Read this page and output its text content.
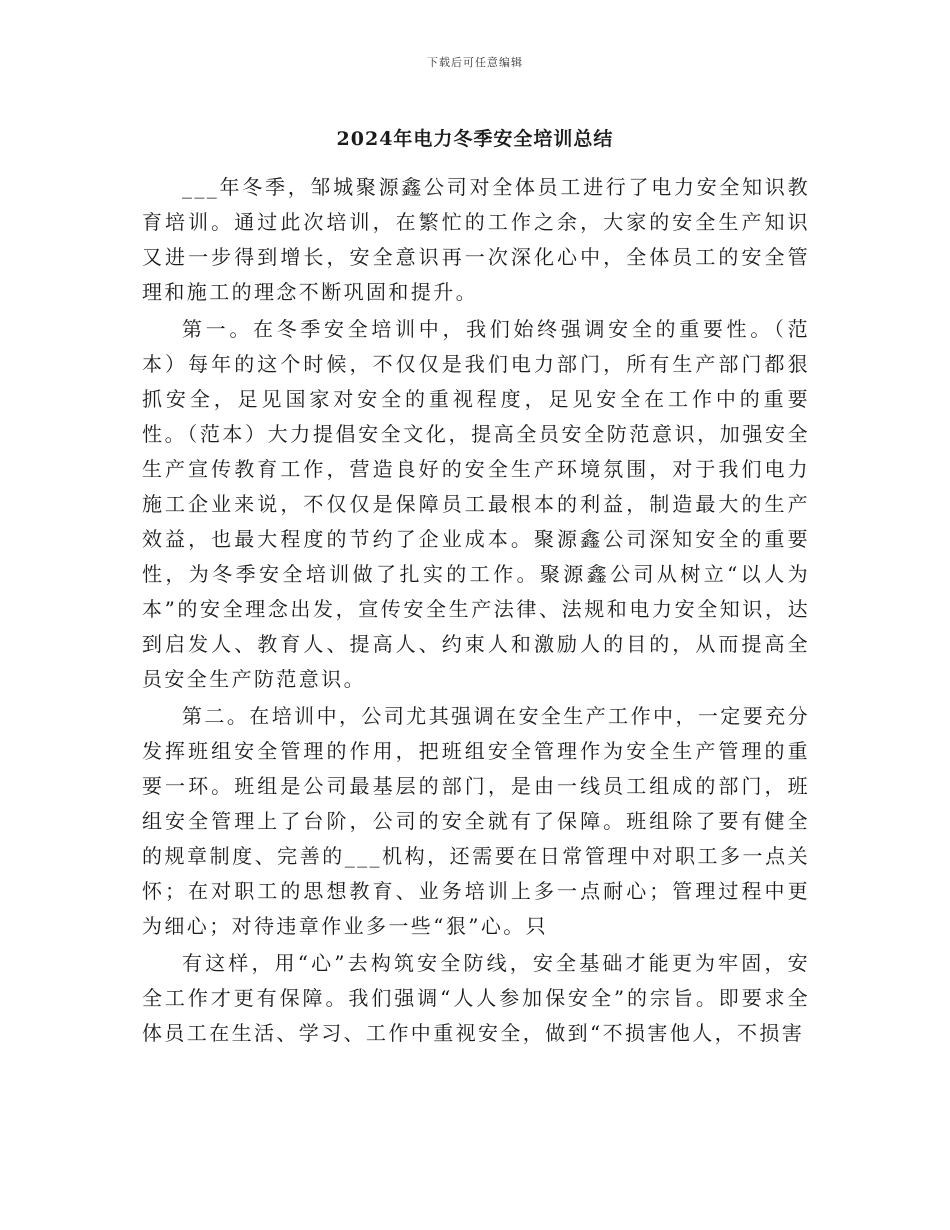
下载后可任意编辑
2024年电力冬季安全培训总结

___年冬季，邹城聚源鑫公司对全体员工进行了电力安全知识教育培训。通过此次培训，在繁忙的工作之余，大家的安全生产知识又进一步得到增长，安全意识再一次深化心中，全体员工的安全管理和施工的理念不断巩固和提升。

第一。在冬季安全培训中，我们始终强调安全的重要性。（范本）每年的这个时候，不仅仅是我们电力部门，所有生产部门都狠抓安全，足见国家对安全的重视程度，足见安全在工作中的重要性。（范本）大力提倡安全文化，提高全员安全防范意识，加强安全生产宣传教育工作，营造良好的安全生产环境氛围，对于我们电力施工企业来说，不仅仅是保障员工最根本的利益，制造最大的生产效益，也最大程度的节约了企业成本。聚源鑫公司深知安全的重要性，为冬季安全培训做了扎实的工作。聚源鑫公司从树立“以人为本”的安全理念出发，宣传安全生产法律、法规和电力安全知识，达到启发人、教育人、提高人、约束人和激励人的目的，从而提高全员安全生产防范意识。

第二。在培训中，公司尤其强调在安全生产工作中，一定要充分发挥班组安全管理的作用，把班组安全管理作为安全生产管理的重要一环。班组是公司最基层的部门，是由一线员工组成的部门，班组安全管理上了台阶，公司的安全就有了保障。班组除了要有健全的规章制度、完善的___机构，还需要在日常管理中对职工多一点关怀；在对职工的思想教育、业务培训上多一点耐心；管理过程中更为细心；对待违章作业多一些“狠”心。只

有这样，用“心”去构筑安全防线，安全基础才能更为牢固，安全工作才更有保障。我们强调“人人参加保安全”的宗旨。即要求全体员工在生活、学习、工作中重视安全，做到“不损害他人，不损害
